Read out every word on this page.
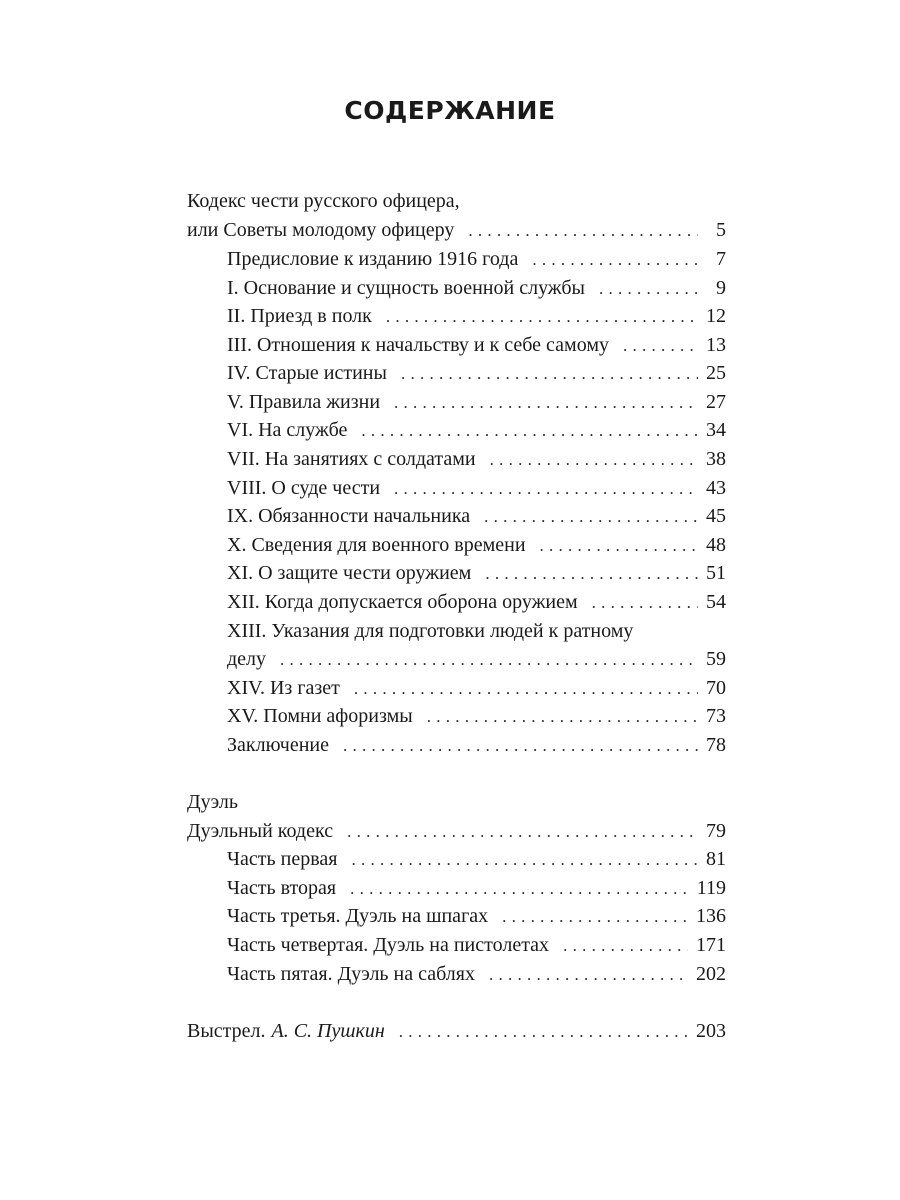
СОДЕРЖАНИЕ
Кодекс чести русского офицера,
или Советы молодому офицеру . . .	5
Предисловие к изданию 1916 года . . .	7
I. Основание и сущность военной службы . . .	9
II. Приезд в полк . . .	12
III. Отношения к начальству и к себе самому . . .	13
IV. Старые истины . . .	25
V. Правила жизни . . .	27
VI. На службе . . .	34
VII. На занятиях с солдатами . . .	38
VIII. О суде чести . . .	43
IX. Обязанности начальника . . .	45
X. Сведения для военного времени . . .	48
XI. О защите чести оружием . . .	51
XII. Когда допускается оборона оружием . . .	54
XIII. Указания для подготовки людей к ратному
делу . . .	59
XIV. Из газет . . .	70
XV. Помни афоризмы . . .	73
Заключение . . .	78
Дуэль
Дуэльный кодекс . . .	79
Часть первая . . .	81
Часть вторая . . .	119
Часть третья. Дуэль на шпагах . . .	136
Часть четвертая. Дуэль на пистолетах . . .	171
Часть пятая. Дуэль на саблях . . .	202
Выстрел. А. С. Пушкин . . .	203
